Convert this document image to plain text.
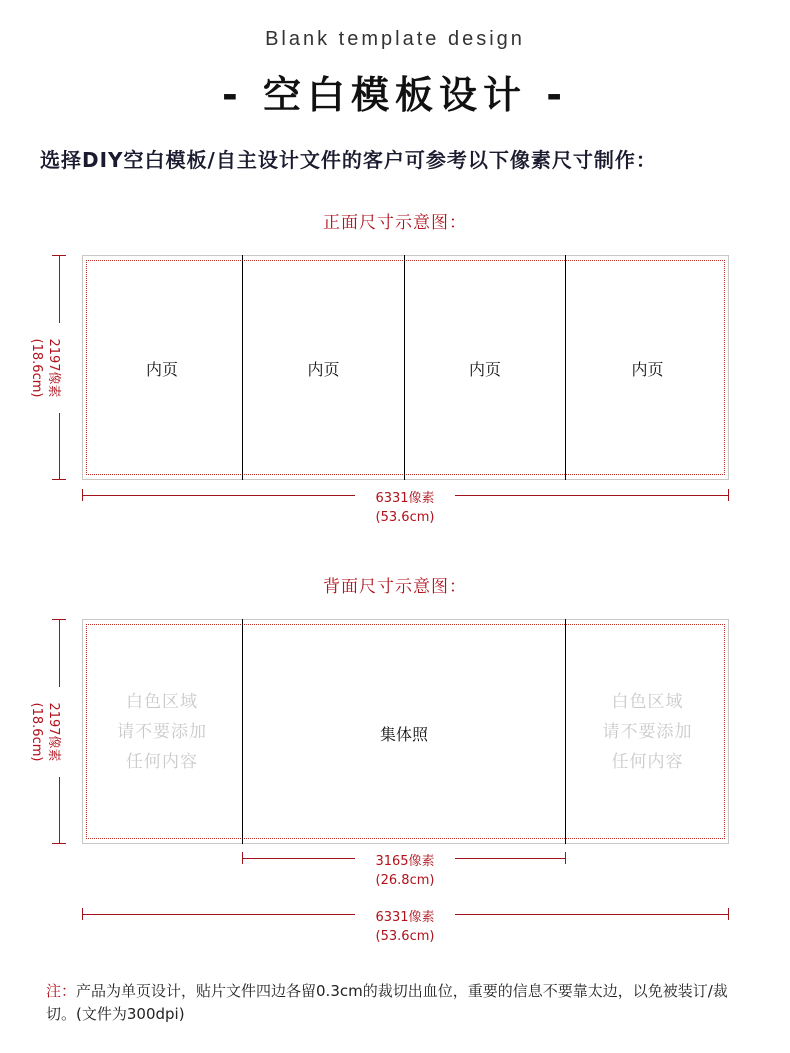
Blank template design
- 空白模板设计 -
选择DIY空白模板/自主设计文件的客户可参考以下像素尺寸制作：
正面尺寸示意图：
内页	内页	内页	内页
2197像素
(18.6cm)
6331像素
(53.6cm)
背面尺寸示意图：
白色区域
请不要添加
任何内容
集体照
白色区域
请不要添加
任何内容
2197像素
(18.6cm)
3165像素
(26.8cm)
6331像素
(53.6cm)
注：产品为单页设计，贴片文件四边各留0.3cm的裁切出血位，重要的信息不要靠太边，以免被装订/裁切。(文件为300dpi)
